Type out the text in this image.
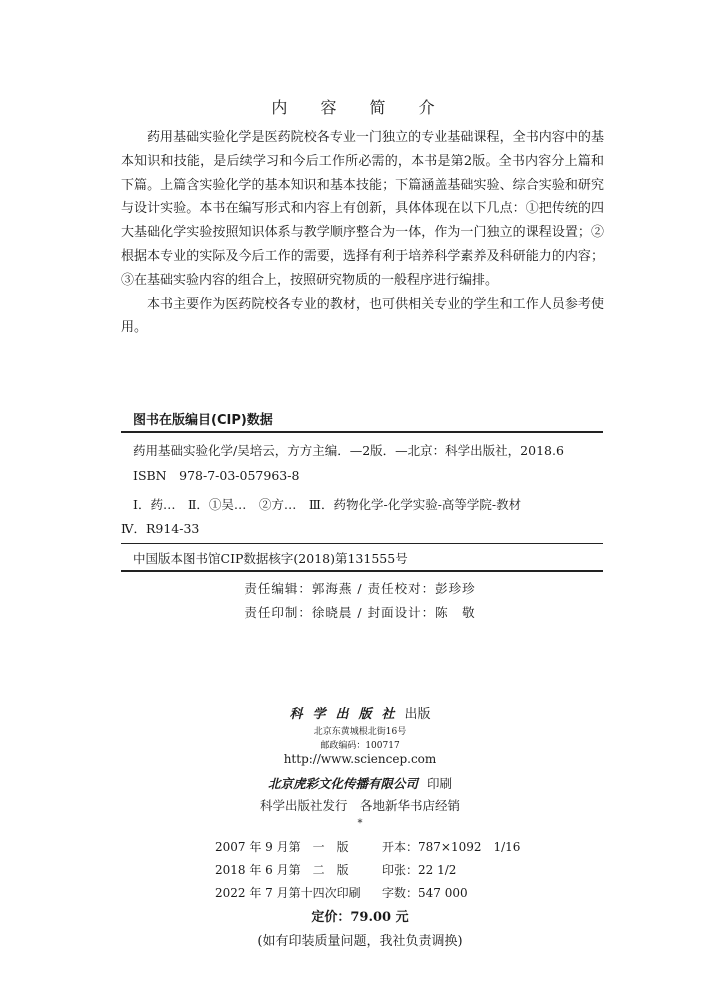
内 容 简 介

药用基础实验化学是医药院校各专业一门独立的专业基础课程，全书内容中的基本知识和技能，是后续学习和今后工作所必需的，本书是第2版。全书内容分上篇和下篇。上篇含实验化学的基本知识和基本技能；下篇涵盖基础实验、综合实验和研究与设计实验。本书在编写形式和内容上有创新，具体体现在以下几点：①把传统的四大基础化学实验按照知识体系与教学顺序整合为一体，作为一门独立的课程设置；②根据本专业的实际及今后工作的需要，选择有利于培养科学素养及科研能力的内容；③在基础实验内容的组合上，按照研究物质的一般程序进行编排。

本书主要作为医药院校各专业的教材，也可供相关专业的学生和工作人员参考使用。

图书在版编目(CIP)数据
药用基础实验化学/吴培云，方方主编．—2版．—北京：科学出版社，2018.6
ISBN　978-7-03-057963-8
Ⅰ．药…　Ⅱ．①吴…　②方…　Ⅲ．药物化学-化学实验-高等学院-教材
Ⅳ．R914-33
中国版本图书馆CIP数据核字(2018)第131555号
责任编辑：郭海燕 / 责任校对：彭珍珍
责任印制：徐晓晨 / 封面设计：陈　敬
科学出版社出版
北京东黄城根北街16号
邮政编码：100717
http://www.sciencep.com
北京虎彩文化传播有限公司 印刷
科学出版社发行　各地新华书店经销
*
2007 年 9 月第　一　版	开本：787×1092　1/16
2018 年 6 月第　二　版	印张：22 1/2
2022 年 7 月第十四次印刷 字数：547 000
定价：79.00 元
(如有印装质量问题，我社负责调换)
